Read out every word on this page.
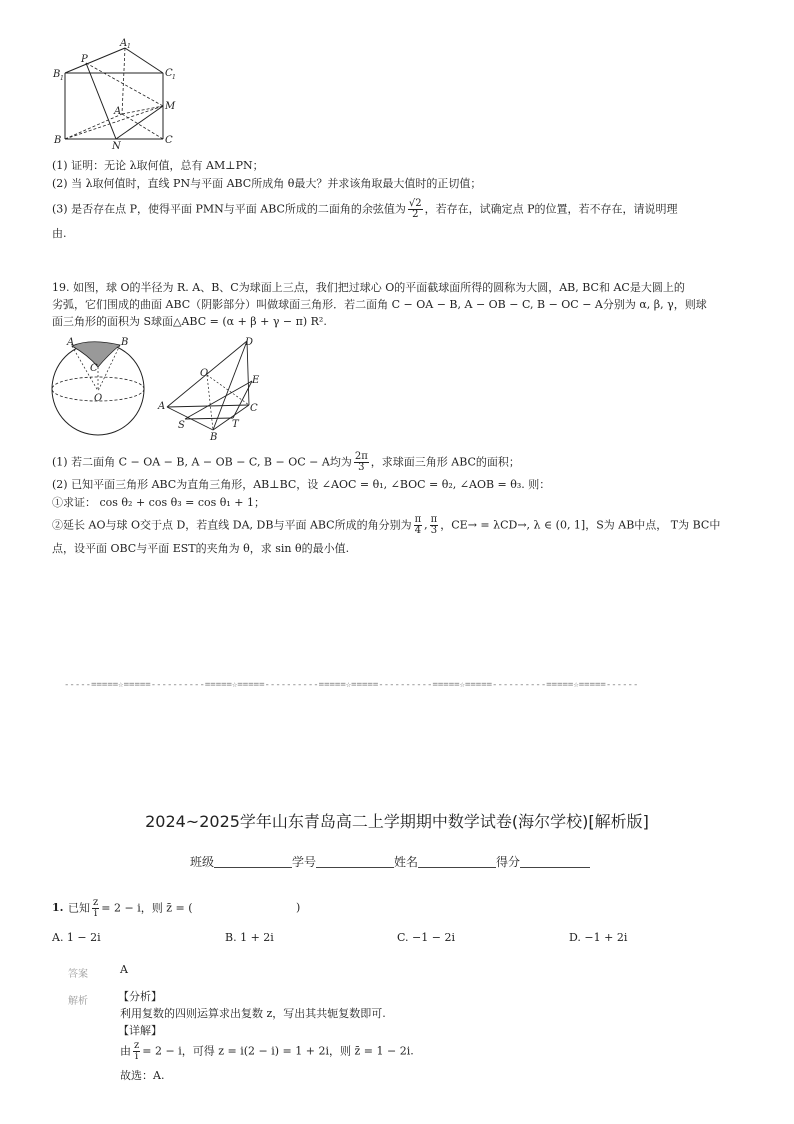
B 1
P
A 1
C 1
A	M
B
N
C
(1) 证明：无论 λ取何值，总有 AM⊥PN；
(2) 当 λ取何值时，直线 PN与平面 ABC所成角 θ最大？并求该角取最大值时的正切值；
(3) 是否存在点 P，使得平面 PMN与平面 ABC所成的二面角的余弦值为 $\frac{√2}{2}$ ，若存在，试确定点 P的位置，若不存在，请说明理
由.
19. 如图，球 O的半径为 R. A、B、C为球面上三点，我们把过球心 O的平面截球面所得的圆称为大圆，AB, BC和 AC是大圆上的
劣弧，它们围成的曲面 ABC（阴影部分）叫做球面三角形．若二面角 C − OA − B, A − OB − C, B − OC − A分别为 α, β, γ，则球
面三角形的面积为 S球面△ABC = (α + β + γ − π) R².
A	B
C
O
D
O
E
A	C
S	T
B
(1) 若二面角 C − OA − B, A − OB − C, B − OC − A均为 $\frac{2\pi}{3}$ ，求球面三角形 ABC的面积；
(2) 已知平面三角形 ABC为直角三角形，AB⊥BC，设 ∠AOC = θ₁, ∠BOC = θ₂, ∠AOB = θ₃. 则：
①求证： cos θ₂ + cos θ₃ = cos θ₁ + 1；
②延长 AO与球 O交于点 D，若直线 DA, DB与平面 ABC所成的角分别为 $\frac{\pi}{4}$ , $\frac{\pi}{3}$ ，CE→ = λCD→, λ ∈ (0, 1]，S为 AB中点， T为 BC中
点，设平面 OBC与平面 EST的夹角为 θ，求 sin θ的最小值.
-----=====☆=====----------=====☆=====----------=====☆=====----------=====☆=====----------=====☆=====------
2024~2025学年山东青岛高二上学期期中数学试卷(海尔学校)[解析版]
班级	学号	姓名	得分
1. 已知 $\frac{z}{i} = 2 - i$，则 z̄ = (	)
A. 1 − 2i	B. 1 + 2i	C. −1 − 2i	D. −1 + 2i
答案	A
解析	【分析】
利用复数的四则运算求出复数 z，写出其共轭复数即可.
【详解】
由 $\frac{z}{i} = 2 - i$，可得 z = i(2 − i) = 1 + 2i，则 z̄ = 1 − 2i.
故选：A.
